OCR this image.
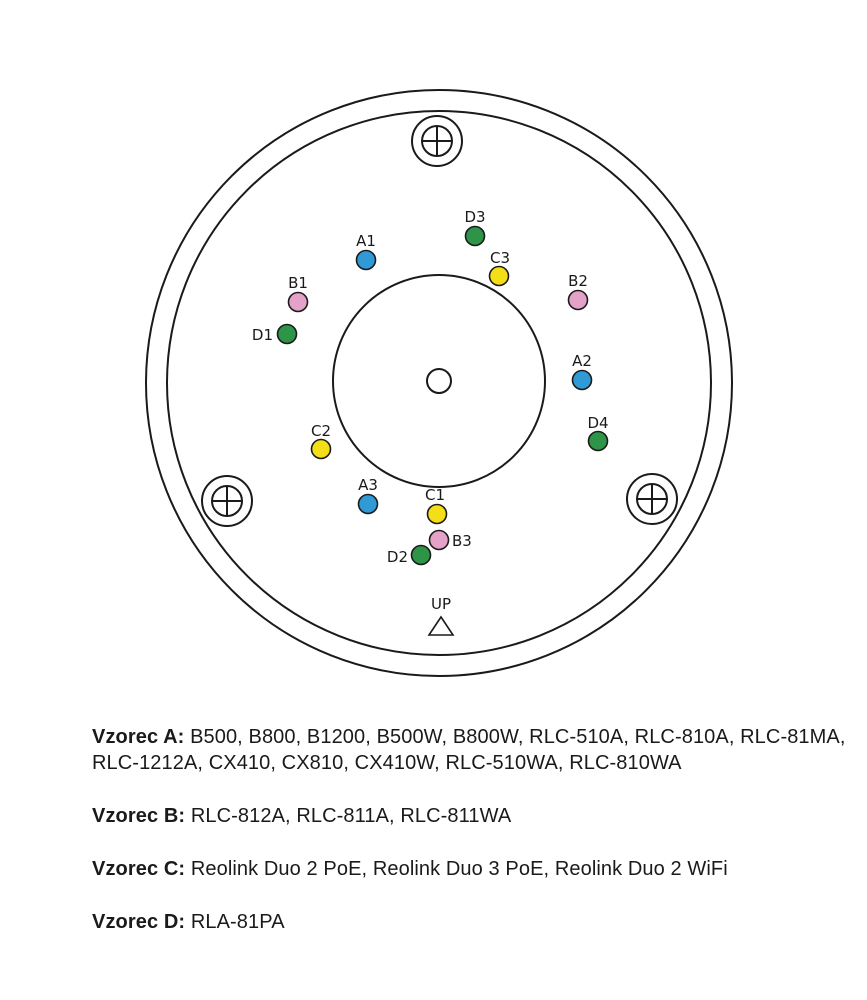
UP
A1
A2
A3
B1	B2
B3
C1
C2
C3
D1
D2
D3
D4

Vzorec A: B500, B800, B1200, B500W, B800W, RLC-510A, RLC-810A, RLC-81MA, RLC-1212A, CX410, CX810, CX410W, RLC-510WA, RLC-810WA

Vzorec B: RLC-812A, RLC-811A, RLC-811WA

Vzorec C: Reolink Duo 2 PoE, Reolink Duo 3 PoE, Reolink Duo 2 WiFi

Vzorec D: RLA-81PA
